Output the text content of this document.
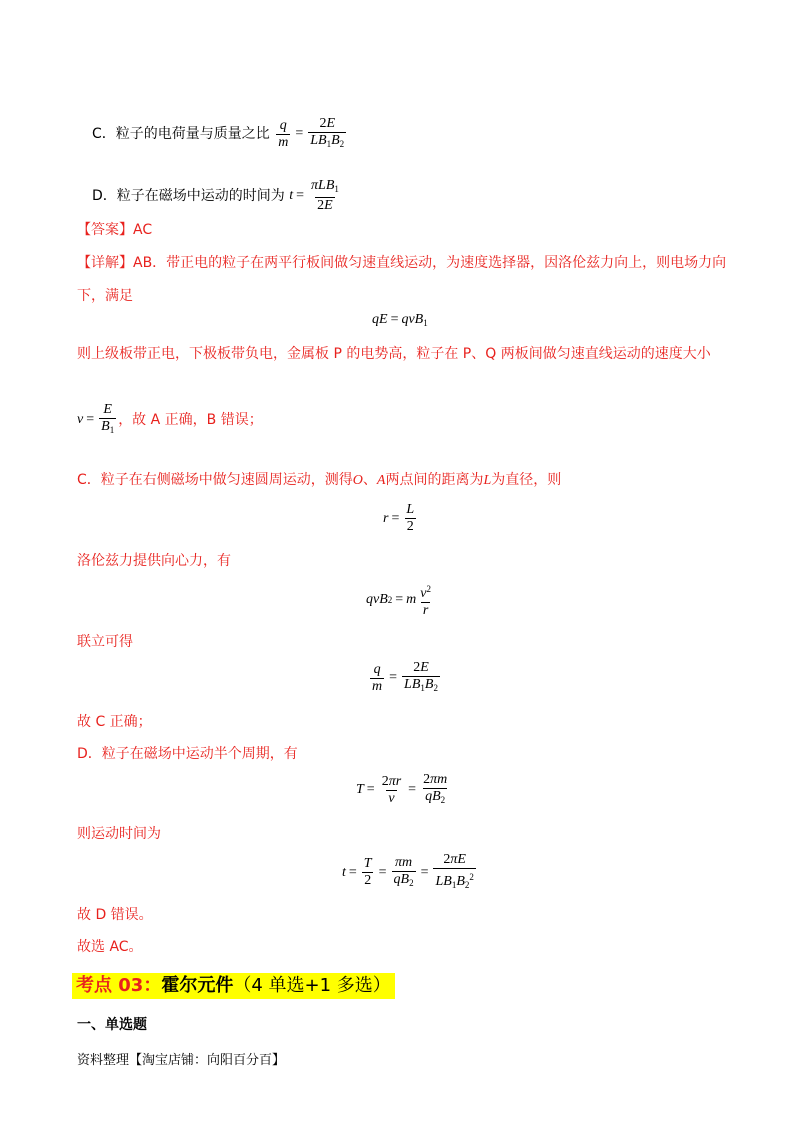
C．粒子的电荷量与质量之比 $\frac{q}{m} = \frac{2E}{LB_1B_2}$
D．粒子在磁场中运动的时间为 $t = \frac{\pi LB_1}{2E}$
【答案】AC
【详解】AB．带正电的粒子在两平行板间做匀速直线运动，为速度选择器，因洛伦兹力向上，则电场力向
下，满足
qE = qvB$_1$
则上级板带正电，下极板带负电，金属板 P 的电势高，粒子在 P、Q 两板间做匀速直线运动的速度大小
$v = \frac{E}{B_1}$ ，故 A 正确，B 错误；
C．粒子在右侧磁场中做匀速圆周运动，测得O、A两点间的距离为L为直径，则
$r = \frac{L}{2}$
洛伦兹力提供向心力，有
qvB 2 = m $\frac{v^2}{r}$
联立可得
$\frac{q}{m} = \frac{2E}{LB_1B_2}$
故 C 正确；
D．粒子在磁场中运动半个周期，有
$T = \frac{2\pi r}{v} = \frac{2\pi m}{qB_2}$
则运动时间为
$t = \frac{T}{2} = \frac{\pi m}{qB_2} = \frac{2\pi E}{LB_1B_2^2}$
故 D 错误。
故选 AC。
考点 03：霍尔元件（4 单选+1 多选）
一、单选题
资料整理【淘宝店铺：向阳百分百】
